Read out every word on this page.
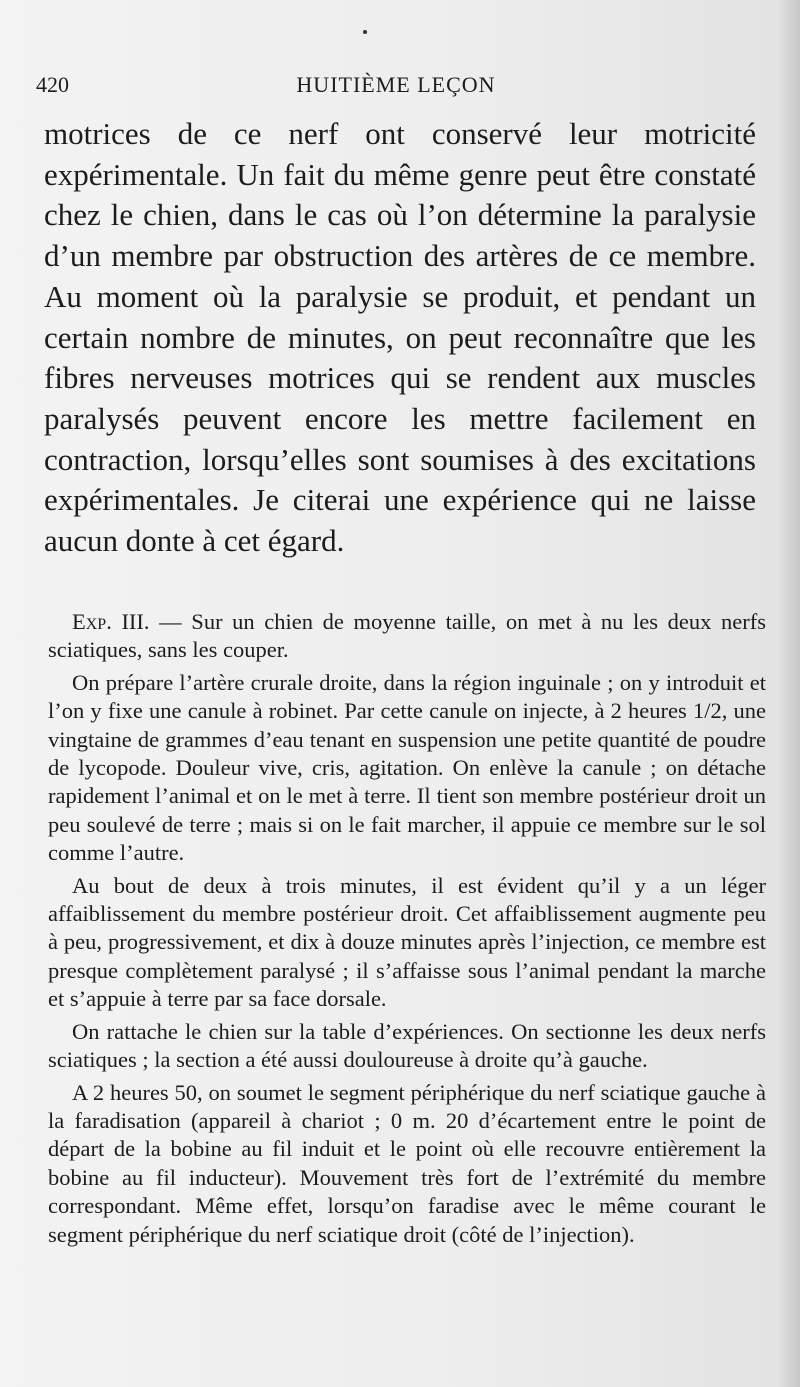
420	HUITIÈME LEÇON

motrices de ce nerf ont conservé leur motricité expérimentale. Un fait du même genre peut être constaté chez le chien, dans le cas où l’on détermine la paralysie d’un membre par obstruction des artères de ce membre. Au moment où la paralysie se produit, et pendant un certain nombre de minutes, on peut reconnaître que les fibres nerveuses motrices qui se rendent aux muscles paralysés peuvent encore les mettre facilement en contraction, lorsqu’elles sont soumises à des excitations expérimentales. Je citerai une expérience qui ne laisse aucun donte à cet égard.

Exp. III. — Sur un chien de moyenne taille, on met à nu les deux nerfs sciatiques, sans les couper.

On prépare l’artère crurale droite, dans la région inguinale ; on y introduit et l’on y fixe une canule à robinet. Par cette canule on injecte, à 2 heures 1/2, une vingtaine de grammes d’eau tenant en suspension une petite quantité de poudre de lycopode. Douleur vive, cris, agitation. On enlève la canule ; on détache rapidement l’animal et on le met à terre. Il tient son membre postérieur droit un peu soulevé de terre ; mais si on le fait marcher, il appuie ce membre sur le sol comme l’autre.

Au bout de deux à trois minutes, il est évident qu’il y a un léger affaiblissement du membre postérieur droit. Cet affaiblissement augmente peu à peu, progressivement, et dix à douze minutes après l’injection, ce membre est presque complètement paralysé ; il s’affaisse sous l’animal pendant la marche et s’appuie à terre par sa face dorsale.

On rattache le chien sur la table d’expériences. On sectionne les deux nerfs sciatiques ; la section a été aussi douloureuse à droite qu’à gauche.

A 2 heures 50, on soumet le segment périphérique du nerf sciatique gauche à la faradisation (appareil à chariot ; 0 m. 20 d’écartement entre le point de départ de la bobine au fil induit et le point où elle recouvre entièrement la bobine au fil inducteur). Mouvement très fort de l’extrémité du membre correspondant. Même effet, lorsqu’on faradise avec le même courant le segment périphérique du nerf sciatique droit (côté de l’injection).
